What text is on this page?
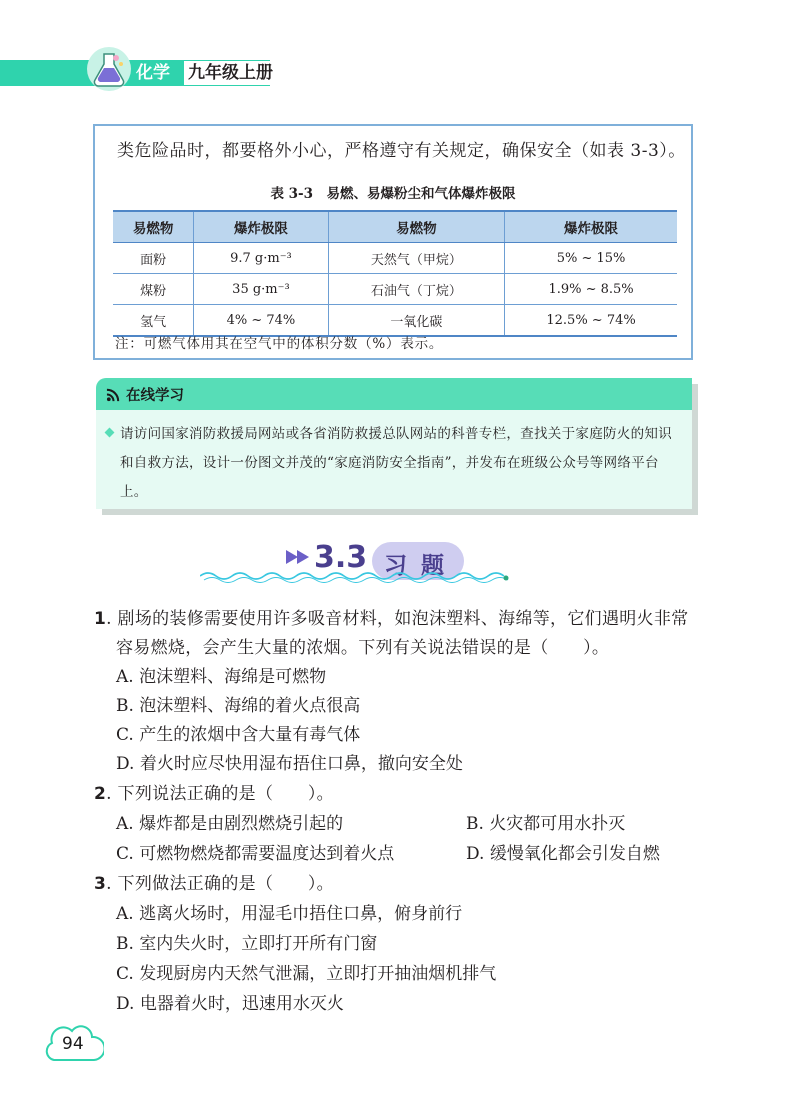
化学 九年级上册
类危险品时，都要格外小心，严格遵守有关规定，确保安全（如表 3-3）。
表 3-3　易燃、易爆粉尘和气体爆炸极限
易燃物	爆炸极限	易燃物	爆炸极限
面粉	9.7 g·m⁻³	天然气（甲烷）	5% ~ 15%
煤粉	35 g·m⁻³	石油气（丁烷）	1.9% ~ 8.5%
氢气	4% ~ 74%	一氧化碳	12.5% ~ 74%
注：可燃气体用其在空气中的体积分数（%）表示。
在线学习
请访问国家消防救援局网站或各省消防救援总队网站的科普专栏，查找关于家庭防火的知识和自救方法，设计一份图文并茂的“家庭消防安全指南”，并发布在班级公众号等网络平台上。
3.3 习题
1. 剧场的装修需要使用许多吸音材料，如泡沫塑料、海绵等，它们遇明火非常
容易燃烧，会产生大量的浓烟。下列有关说法错误的是（　　）。
A. 泡沫塑料、海绵是可燃物
B. 泡沫塑料、海绵的着火点很高
C. 产生的浓烟中含大量有毒气体
D. 着火时应尽快用湿布捂住口鼻，撤向安全处
2. 下列说法正确的是（　　）。
A. 爆炸都是由剧烈燃烧引起的	B. 火灾都可用水扑灭
C. 可燃物燃烧都需要温度达到着火点	D. 缓慢氧化都会引发自燃
3. 下列做法正确的是（　　）。
A. 逃离火场时，用湿毛巾捂住口鼻，俯身前行
B. 室内失火时，立即打开所有门窗
C. 发现厨房内天然气泄漏，立即打开抽油烟机排气
D. 电器着火时，迅速用水灭火
94
